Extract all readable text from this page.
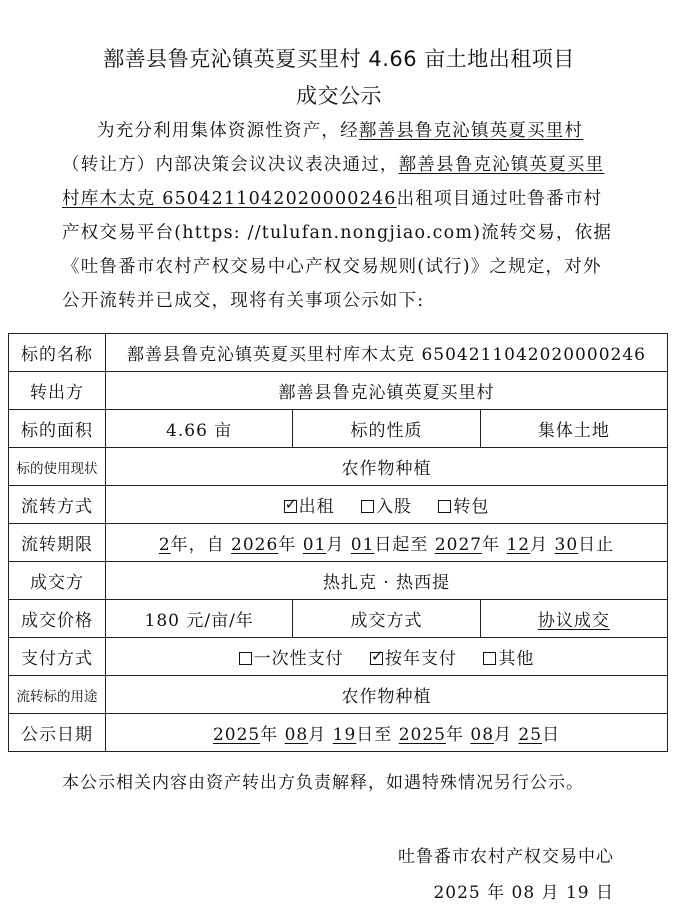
鄯善县鲁克沁镇英夏买里村 4.66 亩土地出租项目
成交公示
为充分利用集体资源性资产，经鄯善县鲁克沁镇英夏买里村（转让方）内部决策会议决议表决通过，鄯善县鲁克沁镇英夏买里村库木太克 6504211042020000246出租项目通过吐鲁番市村产权交易平台(https: //tulufan.nongjiao.com)流转交易，依据《吐鲁番市农村产权交易中心产权交易规则(试行)》之规定，对外公开流转并已成交，现将有关事项公示如下:
标的名称	鄯善县鲁克沁镇英夏买里村库木太克 6504211042020000246		
转出方	鄯善县鲁克沁镇英夏买里村		
标的面积	4.66 亩	标的性质	集体土地
标的使用现状	农作物种植		
流转方式	✓出租 入股 转包
流转期限	2年，自 2026年 01月 01日起至 2027年 12月 30日止		
成交方	热扎克 · 热西提		
成交价格	180 元/亩/年	成交方式	协议成交
支付方式	一次性支付 ✓ 按年支付 其他
流转标的用途	农作物种植		
公示日期	2025年 08月 19日至 2025年 08月 25日		
本公示相关内容由资产转出方负责解释，如遇特殊情况另行公示。
吐鲁番市农村产权交易中心
2025 年 08 月 19 日
